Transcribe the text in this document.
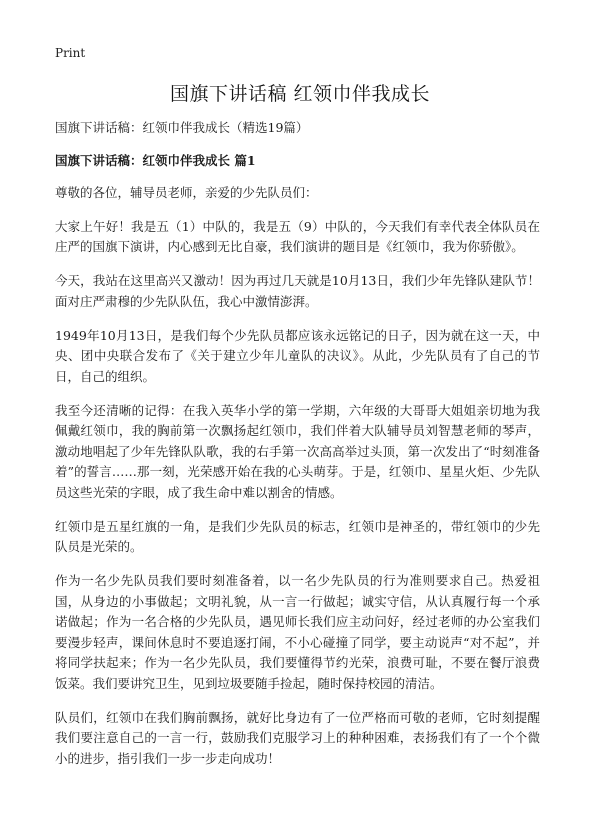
Print
国旗下讲话稿 红领巾伴我成长

国旗下讲话稿：红领巾伴我成长（精选19篇）

国旗下讲话稿：红领巾伴我成长 篇1

尊敬的各位，辅导员老师，亲爱的少先队员们：

大家上午好！我是五（1）中队的，我是五（9）中队的，今天我们有幸代表全体队员在庄严的国旗下演讲，内心感到无比自豪，我们演讲的题目是《红领巾，我为你骄傲》。

今天，我站在这里高兴又激动！因为再过几天就是10月13日，我们少年先锋队建队节！面对庄严肃穆的少先队队伍，我心中激情澎湃。

1949年10月13日，是我们每个少先队员都应该永远铭记的日子，因为就在这一天，中央、团中央联合发布了《关于建立少年儿童队的决议》。从此，少先队员有了自己的节日，自己的组织。

我至今还清晰的记得：在我入英华小学的第一学期，六年级的大哥哥大姐姐亲切地为我佩戴红领巾，我的胸前第一次飘扬起红领巾，我们伴着大队辅导员刘智慧老师的琴声，激动地唱起了少年先锋队队歌，我的右手第一次高高举过头顶，第一次发出了“时刻准备着”的誓言……那一刻，光荣感开始在我的心头萌芽。于是，红领巾、星星火炬、少先队员这些光荣的字眼，成了我生命中难以割舍的情感。

红领巾是五星红旗的一角，是我们少先队员的标志，红领巾是神圣的，带红领巾的少先队员是光荣的。

作为一名少先队员我们要时刻准备着，以一名少先队员的行为准则要求自己。热爱祖国，从身边的小事做起；文明礼貌，从一言一行做起；诚实守信，从认真履行每一个承诺做起；作为一名合格的少先队员，遇见师长我们应主动问好，经过老师的办公室我们要漫步轻声，课间休息时不要追逐打闹，不小心碰撞了同学，要主动说声“对不起”，并将同学扶起来；作为一名少先队员，我们要懂得节约光荣，浪费可耻，不要在餐厅浪费饭菜。我们要讲究卫生，见到垃圾要随手捡起，随时保持校园的清洁。

队员们，红领巾在我们胸前飘扬，就好比身边有了一位严格而可敬的老师，它时刻提醒我们要注意自己的一言一行，鼓励我们克服学习上的种种困难，表扬我们有了一个个微小的进步，指引我们一步一步走向成功！
